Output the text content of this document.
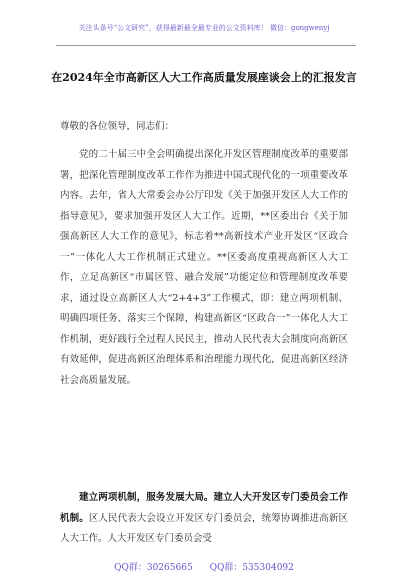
关注头条号“公文研究”，获得最新最全最专业的公文资料库！ 微信：gongwenyj
在2024年全市高新区人大工作高质量发展座谈会上的汇报发言
尊敬的各位领导，同志们：

党的二十届三中全会明确提出深化开发区管理制度改革的重要部署，把深化管理制度改革工作作为推进中国式现代化的一项重要改革内容。去年，省人大常委会办公厅印发《关于加强开发区人大工作的指导意见》，要求加强开发区人大工作。近期，**区委出台《关于加强高新区人大工作的意见》，标志着**高新技术产业开发区“区政合一”一体化人大工作机制正式建立。**区委高度重视高新区人大工作，立足高新区“市属区管、融合发展”功能定位和管理制度改革要求，通过设立高新区人大“2+4+3”工作模式，即：建立两项机制、明确四项任务、落实三个保障，构建高新区“区政合一”一体化人大工作机制，更好践行全过程人民民主，推动人民代表大会制度向高新区有效延伸，促进高新区治理体系和治理能力现代化，促进高新区经济社会高质量发展。

建立两项机制，服务发展大局。建立人大开发区专门委员会工作机制。区人民代表大会设立开发区专门委员会，统筹协调推进高新区人大工作。人大开发区专门委员会受

QQ群：30265665 QQ群：535304092
